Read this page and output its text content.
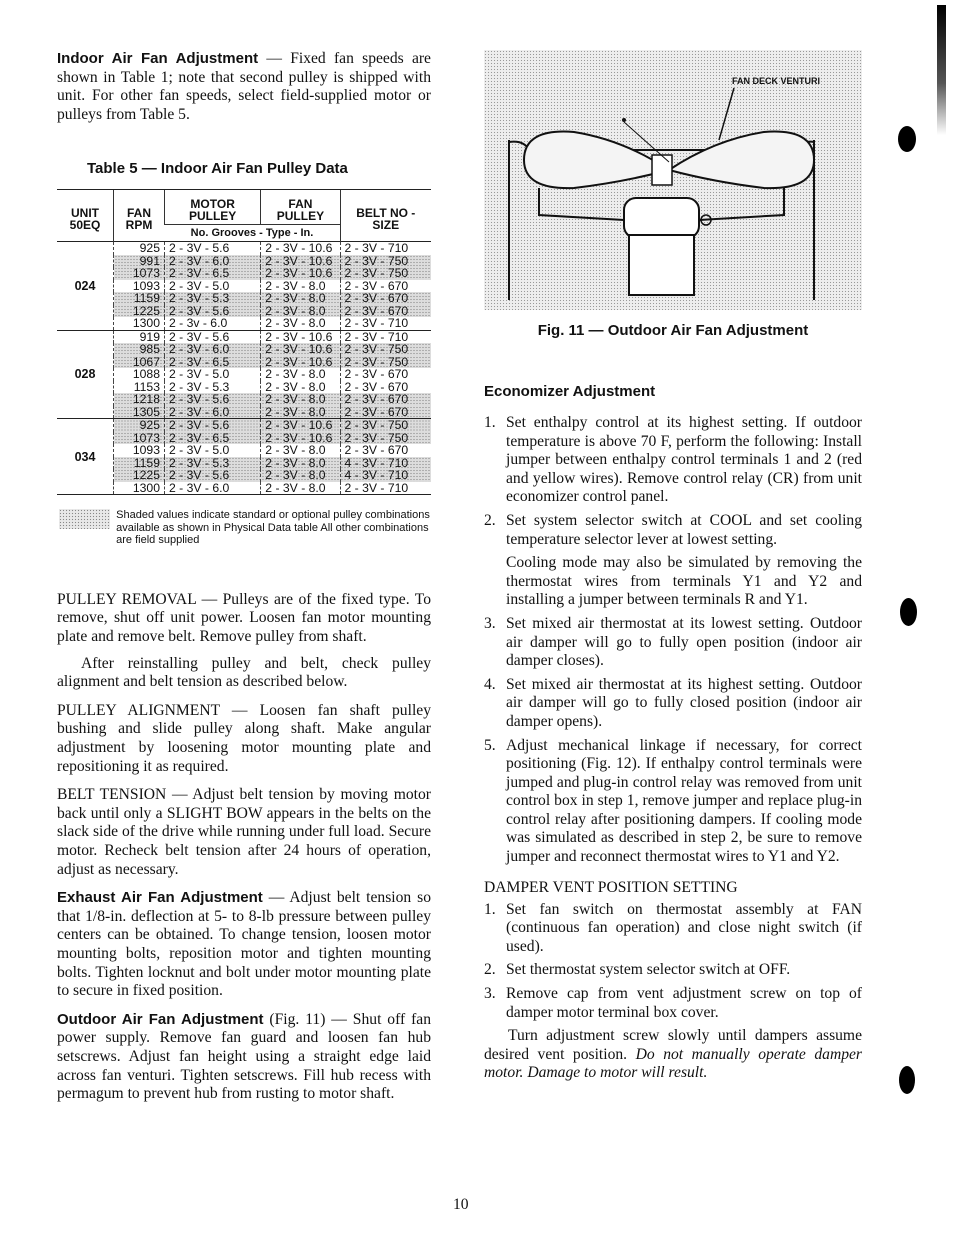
Indoor Air Fan Adjustment — Fixed fan speeds are shown in Table 1; note that second pulley is shipped with unit. For other fan speeds, select field-supplied motor or pulleys from Table 5.

Table 5 — Indoor Air Fan Pulley Data
UNIT 50EQ	FAN RPM	MOTOR PULLEY	FAN PULLEY	BELT NO - SIZE
		No. Grooves - Type - In.		
024	925	2 - 3V - 5.6	2 - 3V - 10.6	2 - 3V - 710
	991	2 - 3V - 6.0	2 - 3V - 10.6	2 - 3V - 750
	1073	2 - 3V - 6.5	2 - 3V - 10.6	2 - 3V - 750
	1093	2 - 3V - 5.0	2 - 3V - 8.0	2 - 3V - 670
	1159	2 - 3V - 5.3	2 - 3V - 8.0	2 - 3V - 670
	1225	2 - 3V - 5.6	2 - 3V - 8.0	2 - 3V - 670
	1300	2 - 3v - 6.0	2 - 3V - 8.0	2 - 3V - 710
028	919	2 - 3V - 5.6	2 - 3V - 10.6	2 - 3V - 710
	985	2 - 3V - 6.0	2 - 3V - 10.6	2 - 3V - 750
	1067	2 - 3V - 6.5	2 - 3V - 10.6	2 - 3V - 750
	1088	2 - 3V - 5.0	2 - 3V - 8.0	2 - 3V - 670
	1153	2 - 3V - 5.3	2 - 3V - 8.0	2 - 3V - 670
	1218	2 - 3V - 5.6	2 - 3V - 8.0	2 - 3V - 670
	1305	2 - 3V - 6.0	2 - 3V - 8.0	2 - 3V - 670
034	925	2 - 3V - 5.6	2 - 3V - 10.6	2 - 3V - 750
	1073	2 - 3V - 6.5	2 - 3V - 10.6	2 - 3V - 750
	1093	2 - 3V - 5.0	2 - 3V - 8.0	2 - 3V - 670
	1159	2 - 3V - 5.3	2 - 3V - 8.0	4 - 3V - 710
	1225	2 - 3V - 5.6	2 - 3V - 8.0	4 - 3V - 710
	1300	2 - 3V - 6.0	2 - 3V - 8.0	2 - 3V - 710
Shaded values indicate standard or optional pulley combinations available as shown in Physical Data table All other combinations are field supplied

PULLEY REMOVAL — Pulleys are of the fixed type. To remove, shut off unit power. Loosen fan motor mounting plate and remove belt. Remove pulley from shaft.

After reinstalling pulley and belt, check pulley alignment and belt tension as described below.

PULLEY ALIGNMENT — Loosen fan shaft pulley bushing and slide pulley along shaft. Make angular adjustment by loosening motor mounting plate and repositioning it as required.

BELT TENSION — Adjust belt tension by moving motor back until only a SLIGHT BOW appears in the belts on the slack side of the drive while running under full load. Secure motor. Recheck belt tension after 24 hours of operation, adjust as necessary.

Exhaust Air Fan Adjustment — Adjust belt tension so that 1/8-in. deflection at 5- to 8-lb pressure between pulley centers can be obtained. To change tension, loosen motor mounting bolts, reposition motor and tighten mounting bolts. Tighten locknut and bolt under motor mounting plate to secure in fixed position.

Outdoor Air Fan Adjustment (Fig. 11) — Shut off fan power supply. Remove fan guard and loosen fan hub setscrews. Adjust fan height using a straight edge laid across fan venturi. Tighten setscrews. Fill hub recess with permagum to prevent hub from rusting to motor shaft.

FAN DECK VENTURI
Fig. 11 — Outdoor Air Fan Adjustment
Economizer Adjustment
1. Set enthalpy control at its highest setting. If outdoor temperature is above 70 F, perform the following: Install jumper between enthalpy control terminals 1 and 2 (red and yellow wires). Remove control relay (CR) from unit economizer control panel.
2. Set system selector switch at COOL and set cooling temperature selector lever at lowest setting.

Cooling mode may also be simulated by removing the thermostat wires from terminals Y1 and Y2 and installing a jumper between terminals R and Y1.

3. Set mixed air thermostat at its lowest setting. Outdoor air damper will go to fully open position (indoor air damper closes).
4. Set mixed air thermostat at its highest setting. Outdoor air damper will go to fully closed position (indoor air damper opens).
5. Adjust mechanical linkage if necessary, for correct positioning (Fig. 12). If enthalpy control terminals were jumped and plug-in control relay was removed from unit control box in step 1, remove jumper and replace plug-in control relay after positioning dampers. If cooling mode was simulated as described in step 2, be sure to remove jumper and reconnect thermostat wires to Y1 and Y2.
DAMPER VENT POSITION SETTING
1. Set fan switch on thermostat assembly at FAN (continuous fan operation) and close night switch (if used).
2. Set thermostat system selector switch at OFF.
3. Remove cap from vent adjustment screw on top of damper motor terminal box cover.

Turn adjustment screw slowly until dampers assume desired vent position. Do not manually operate damper motor. Damage to motor will result.

10
